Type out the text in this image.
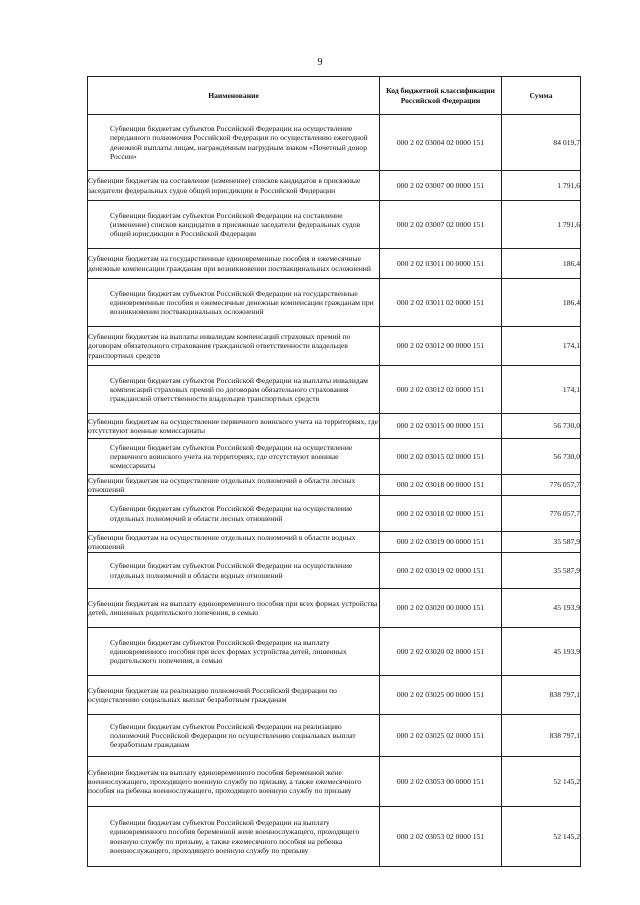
9
Наименование	Код бюджетной классификации Российской Федерации	Сумма
Субвенции бюджетам субъектов Российской Федерации на осуществление переданного полномочия Российской Федерации по осуществлению ежегодной денежной выплаты лицам, награжденным нагрудным знаком «Почетный донор России»	000 2 02 03004 02 0000 151	84 019,7
Субвенции бюджетам на составление (изменение) списков кандидатов в присяжные заседатели федеральных судов общей юрисдикции в Российской Федерации	000 2 02 03007 00 0000 151	1 791,6
Субвенции бюджетам субъектов Российской Федерации на составление (изменение) списков кандидатов в присяжные заседатели федеральных судов общей юрисдикции в Российской Федерации	000 2 02 03007 02 0000 151	1 791,6
Субвенции бюджетам на государственные единовременные пособия и ежемесячные денежные компенсации гражданам при возникновении поствакцинальных осложнений	000 2 02 03011 00 0000 151	186,4
Субвенции бюджетам субъектов Российской Федерации на государственные единовременные пособия и ежемесячные денежные компенсации гражданам при возникновении поствакцинальных осложнений	000 2 02 03011 02 0000 151	186,4
Субвенции бюджетам на выплаты инвалидам компенсаций страховых премий по договорам обязательного страхования гражданской ответственности владельцев транспортных средств	000 2 02 03012 00 0000 151	174,1
Субвенции бюджетам субъектов Российской Федерации на выплаты инвалидам компенсаций страховых премий по договорам обязательного страхования гражданской ответственности владельцев транспортных средств	000 2 02 03012 02 0000 151	174,1
Субвенции бюджетам на осуществление первичного воинского учета на территориях, где отсутствуют военные комиссариаты	000 2 02 03015 00 0000 151	56 730,0
Субвенции бюджетам субъектов Российской Федерации на осуществление первичного воинского учета на территориях, где отсутствуют военные комиссариаты	000 2 02 03015 02 0000 151	56 730,0
Субвенции бюджетам на осуществление отдельных полномочий в области лесных отношений	000 2 02 03018 00 0000 151	776 057,7
Субвенции бюджетам субъектов Российской Федерации на осуществление отдельных полномочий в области лесных отношений	000 2 02 03018 02 0000 151	776 057,7
Субвенции бюджетам на осуществление отдельных полномочий в области водных отношений	000 2 02 03019 00 0000 151	35 587,9
Субвенции бюджетам субъектов Российской Федерации на осуществление отдельных полномочий в области водных отношений	000 2 02 03019 02 0000 151	35 587,9
Субвенции бюджетам на выплату единовременного пособия при всех формах устройства детей, лишенных родительского попечения, в семью	000 2 02 03020 00 0000 151	45 193,9
Субвенции бюджетам субъектов Российской Федерации на выплату единовременного пособия при всех формах устройства детей, лишенных родительского попечения, в семью	000 2 02 03020 02 0000 151	45 193,9
Субвенции бюджетам на реализацию полномочий Российской Федерации по осуществлению социальных выплат безработным гражданам	000 2 02 03025 00 0000 151	838 797,1
Субвенции бюджетам субъектов Российской Федерации на реализацию полномочий Российской Федерации по осуществлению социальных выплат безработным гражданам	000 2 02 03025 02 0000 151	838 797,1
Субвенции бюджетам на выплату единовременного пособия беременной жене военнослужащего, проходящего военную службу по призыву, а также ежемесячного пособия на ребенка военнослужащего, проходящего военную службу по призыву	000 2 02 03053 00 0000 151	52 145,2
Субвенции бюджетам субъектов Российской Федерации на выплату единовременного пособия беременной жене военнослужащего, проходящего военную службу по призыву, а также ежемесячного пособия на ребенка военнослужащего, проходящего военную службу по призыву	000 2 02 03053 02 0000 151	52 145,2
